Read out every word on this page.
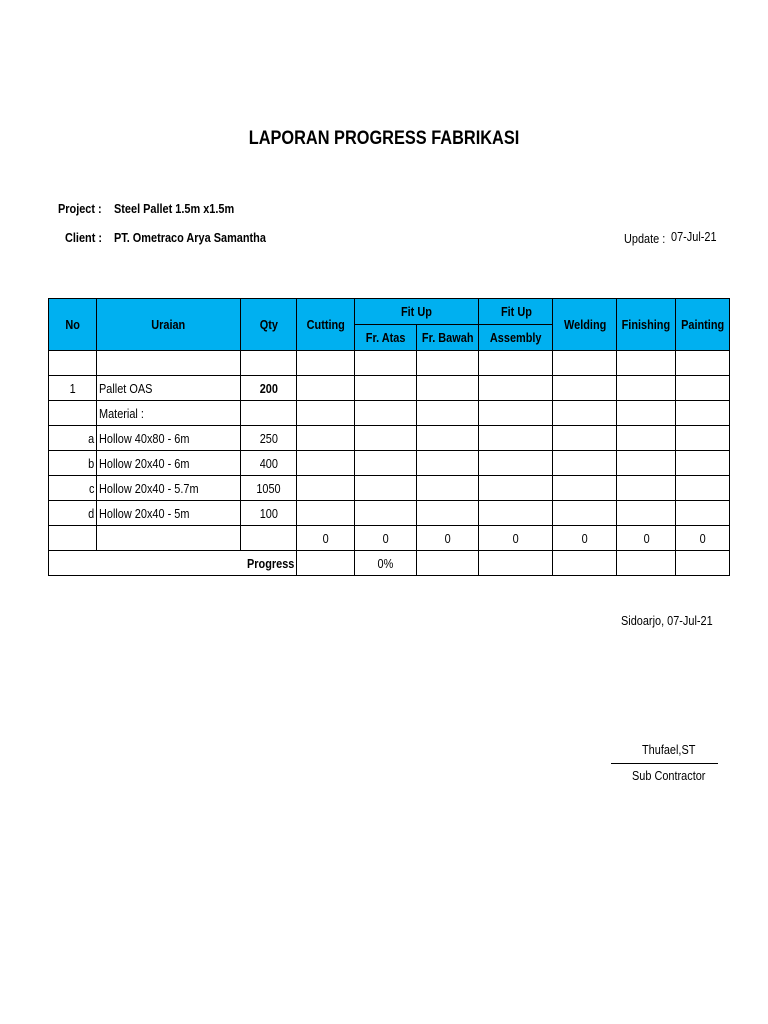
LAPORAN PROGRESS FABRIKASI
Project : Steel Pallet 1.5m x1.5m
Client : PT. Ometraco Arya Samantha	Update : 07-Jul-21
No	Uraian	Qty	Cutting	Fit Up		Fit Up	Welding	Finishing	Painting
				Fr. Atas	Fr. Bawah	Assembly			

1	Pallet OAS	200							
	Material :								
a	Hollow 40x80 - 6m	250							
b	Hollow 20x40 - 6m	400							
c	Hollow 20x40 - 5.7m	1050							
d	Hollow 20x40 - 5m	100							
			0	0	0	0	0	0	0
Progress				0%					
Sidoarjo, 07-Jul-21
Thufael,ST
Sub Contractor
